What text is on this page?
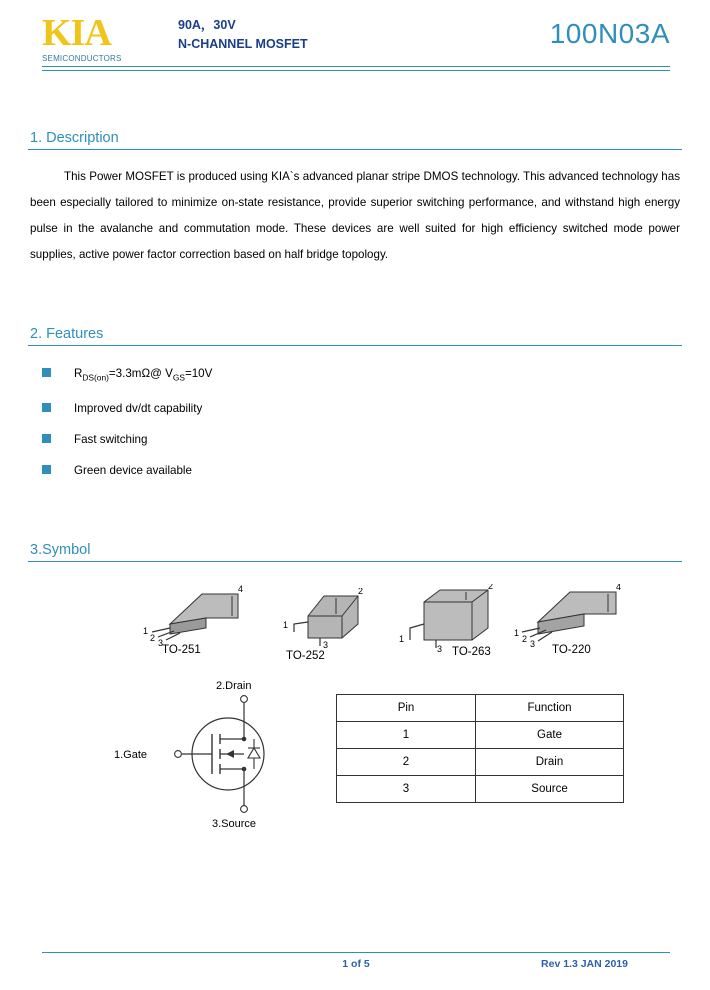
KIA
SEMICONDUCTORS
90A，30V
N-CHANNEL MOSFET	100N03A
1. Description

This Power MOSFET is produced using KIA`s advanced planar stripe DMOS technology. This advanced technology has been especially tailored to minimize on-state resistance, provide superior switching performance, and withstand high energy pulse in the avalanche and commutation mode. These devices are well suited for high efficiency switched mode power supplies, active power factor correction based on half bridge topology.

2. Features
$R_{DS(on)}=3.3m\Omega@$ $V_{GS}=10V$
Improved dv/dt capability
Fast switching
Green device available
3.Symbol
4
1
2 3
TO-251
2
1
3
TO-252
2
1
3 TO-263
4
1
2 3 TO-220
2.Drain
1.Gate
3.Source
Pin	Function
1	Gate
2	Drain
3	Source
1 of 5	Rev 1.3 JAN 2019
